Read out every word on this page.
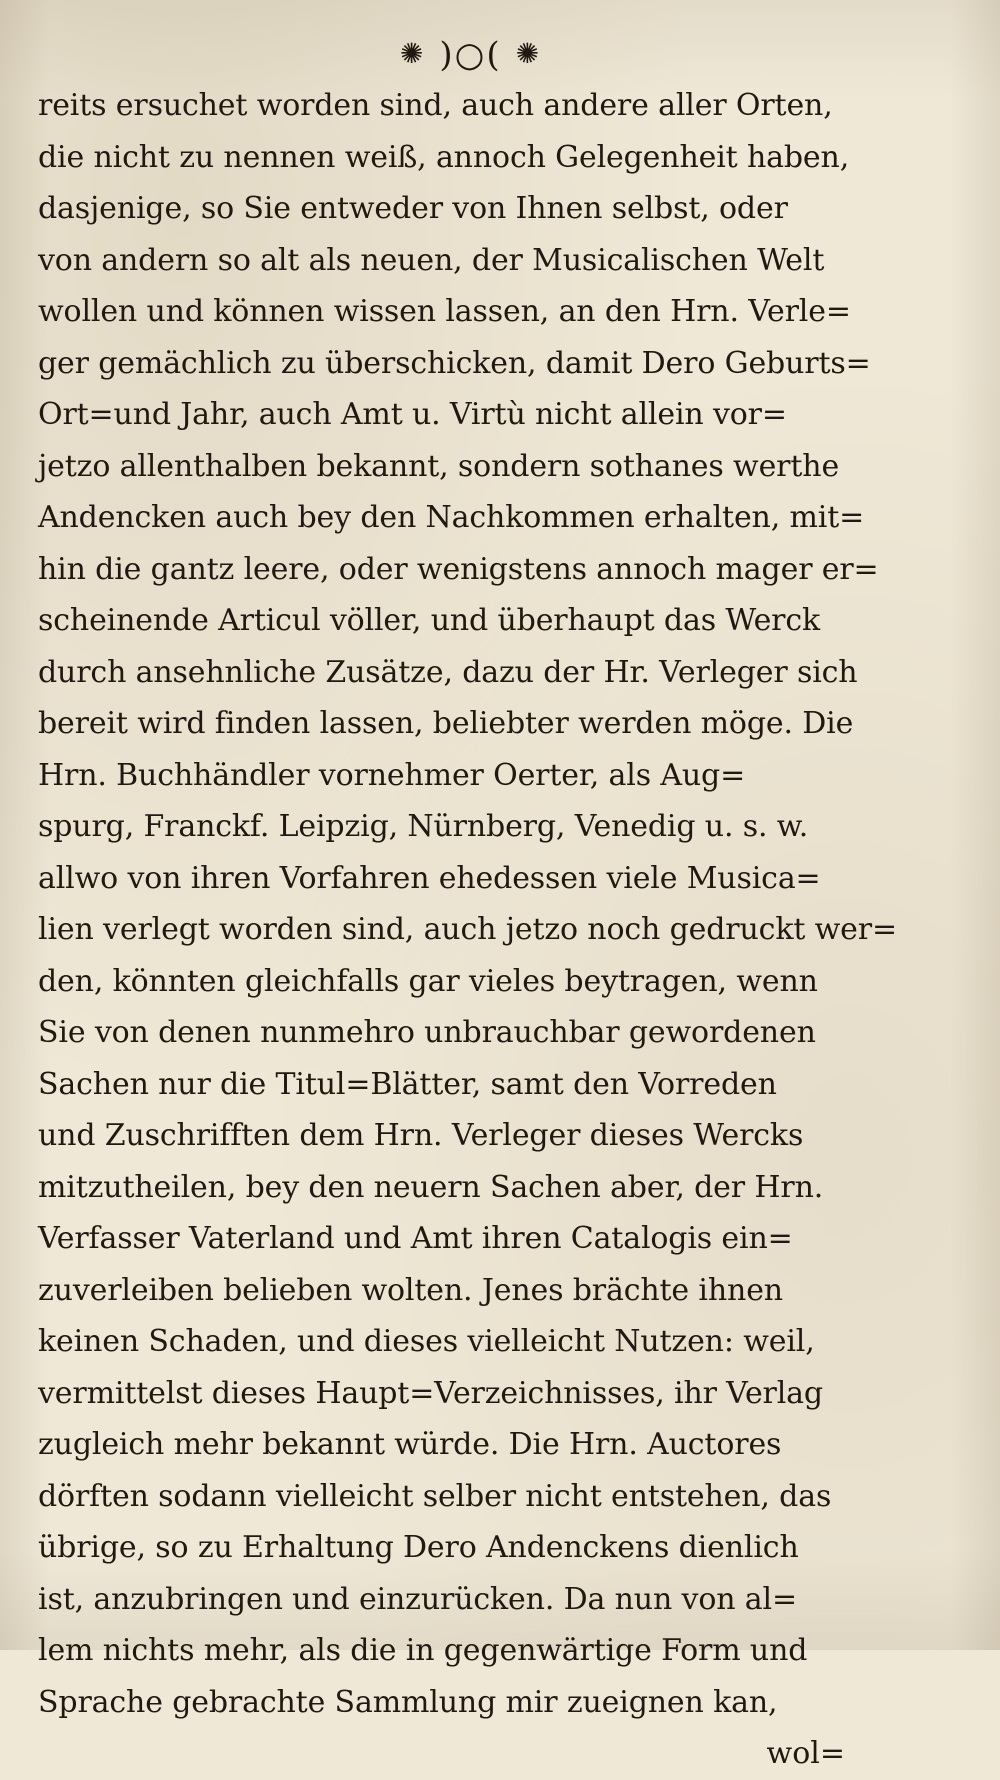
✺ )○( ✺
reits ersuchet worden sind, auch andere aller Orten,
die nicht zu nennen weiß, annoch Gelegenheit haben,
dasjenige, so Sie entweder von Ihnen selbst, oder
von andern so alt als neuen, der Musicalischen Welt
wollen und können wissen lassen, an den Hrn. Verle=
ger gemächlich zu überschicken, damit Dero Geburts=
Ort=und Jahr, auch Amt u. Virtù nicht allein vor=
jetzo allenthalben bekannt, sondern sothanes werthe
Andencken auch bey den Nachkommen erhalten, mit=
hin die gantz leere, oder wenigstens annoch mager er=
scheinende Articul völler, und überhaupt das Werck
durch ansehnliche Zusätze, dazu der Hr. Verleger sich
bereit wird finden lassen, beliebter werden möge. Die
Hrn. Buchhändler vornehmer Oerter, als Aug=
spurg, Franckf. Leipzig, Nürnberg, Venedig u. s. w.
allwo von ihren Vorfahren ehedessen viele Musica=
lien verlegt worden sind, auch jetzo noch gedruckt wer=
den, könnten gleichfalls gar vieles beytragen, wenn
Sie von denen nunmehro unbrauchbar gewordenen
Sachen nur die Titul=Blätter, samt den Vorreden
und Zuschrifften dem Hrn. Verleger dieses Wercks
mitzutheilen, bey den neuern Sachen aber, der Hrn.
Verfasser Vaterland und Amt ihren Catalogis ein=
zuverleiben belieben wolten. Jenes brächte ihnen
keinen Schaden, und dieses vielleicht Nutzen: weil,
vermittelst dieses Haupt=Verzeichnisses, ihr Verlag
zugleich mehr bekannt würde. Die Hrn. Auctores
dörften sodann vielleicht selber nicht entstehen, das
übrige, so zu Erhaltung Dero Andenckens dienlich
ist, anzubringen und einzurücken. Da nun von al=
lem nichts mehr, als die in gegenwärtige Form und
Sprache gebrachte Sammlung mir zueignen kan,
wol=
